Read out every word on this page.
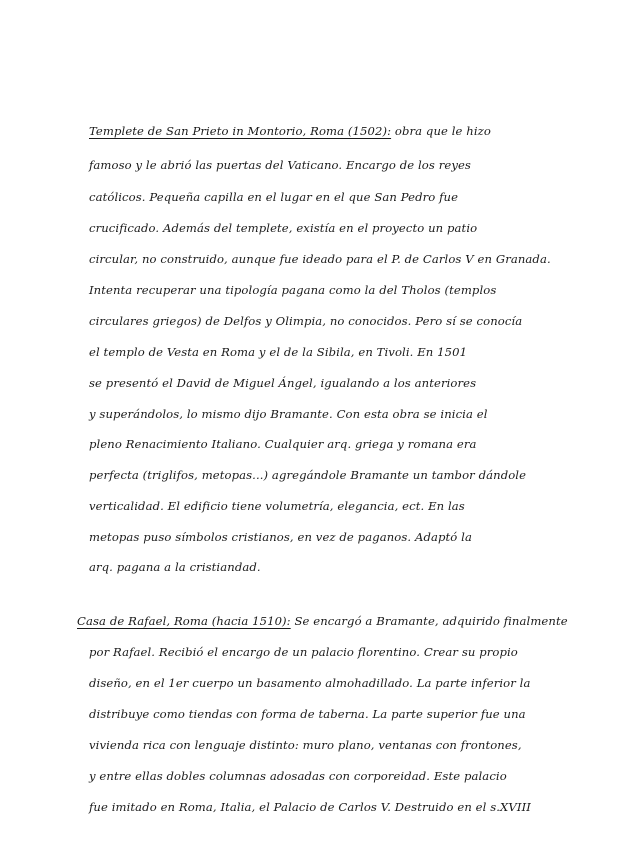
Templete de San Prieto in Montorio, Roma (1502): obra que le hizo
famoso y le abrió las puertas del Vaticano. Encargo de los reyes
católicos. Pequeña capilla en el lugar en el que San Pedro fue
crucificado. Además del templete, existía en el proyecto un patio
circular, no construido, aunque fue ideado para el P. de Carlos V en Granada.
Intenta recuperar una tipología pagana como la del Tholos (templos
circulares griegos) de Delfos y Olimpia, no conocidos. Pero sí se conocía
el templo de Vesta en Roma y el de la Sibila, en Tivoli. En 1501
se presentó el David de Miguel Ángel, igualando a los anteriores
y superándolos, lo mismo dijo Bramante. Con esta obra se inicia el
pleno Renacimiento Italiano. Cualquier arq. griega y romana era
perfecta (triglifos, metopas...) agregándole Bramante un tambor dándole
verticalidad. El edificio tiene volumetría, elegancia, ect. En las
metopas puso símbolos cristianos, en vez de paganos. Adaptó la
arq. pagana a la cristiandad.
Casa de Rafael, Roma (hacia 1510): Se encargó a Bramante, adquirido finalmente
por Rafael. Recibió el encargo de un palacio florentino. Crear su propio
diseño, en el 1er cuerpo un basamento almohadillado. La parte inferior la
distribuye como tiendas con forma de taberna. La parte superior fue una
vivienda rica con lenguaje distinto: muro plano, ventanas con frontones,
y entre ellas dobles columnas adosadas con corporeidad. Este palacio
fue imitado en Roma, Italia, el Palacio de Carlos V. Destruido en el s.XVIII
